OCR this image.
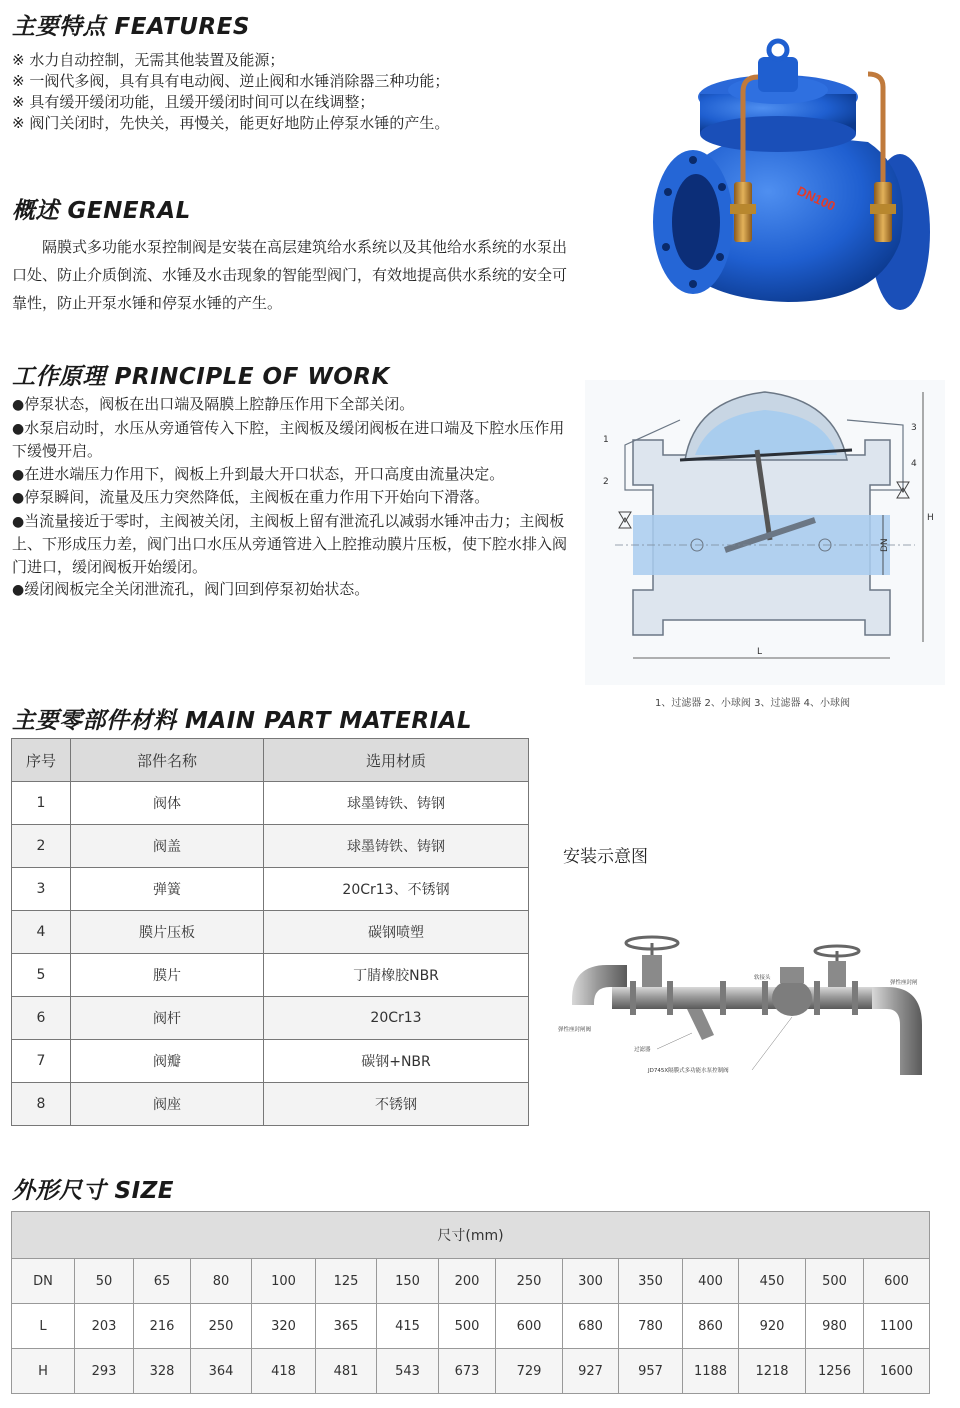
主要特点 FEATURES
※ 水力自动控制，无需其他装置及能源；
※ 一阀代多阀，具有具有电动阀、逆止阀和水锤消除器三种功能；
※ 具有缓开缓闭功能，且缓开缓闭时间可以在线调整；
※ 阀门关闭时，先快关，再慢关，能更好地防止停泵水锤的产生。
概述 GENERAL
隔膜式多功能水泵控制阀是安装在高层建筑给水系统以及其他给水系统的水泵出口处、防止介质倒流、水锤及水击现象的智能型阀门，有效地提高供水系统的安全可靠性，防止开泵水锤和停泵水锤的产生。
工作原理 PRINCIPLE OF WORK

●停泵状态，阀板在出口端及隔膜上腔静压作用下全部关闭。

●水泵启动时，水压从旁通管传入下腔，主阀板及缓闭阀板在进口端及下腔水压作用下缓慢开启。

●在进水端压力作用下，阀板上升到最大开口状态，开口高度由流量决定。

●停泵瞬间，流量及压力突然降低，主阀板在重力作用下开始向下滑落。

●当流量接近于零时，主阀被关闭，主阀板上留有泄流孔以减弱水锤冲击力；主阀板上、下形成压力差，阀门出口水压从旁通管进入上腔推动膜片压板，使下腔水排入阀门进口，缓闭阀板开始缓闭。

●缓闭阀板完全关闭泄流孔，阀门回到停泵初始状态。

DN100
1
2
3
4
H
DN
L
1、过滤器 2、小球阀 3、过滤器 4、小球阀
主要零部件材料 MAIN PART MATERIAL
序号	部件名称	选用材质
1	阀体	球墨铸铁、铸钢
2	阀盖	球墨铸铁、铸钢
3	弹簧	20Cr13、不锈钢
4	膜片压板	碳钢喷塑
5	膜片	丁腈橡胶NBR
6	阀杆	20Cr13
7	阀瓣	碳钢+NBR
8	阀座	不锈钢
安装示意图
软接头
弹性座封闸
弹性座封闸阀
过滤器
JD745X隔膜式多功能水泵控制阀
外形尺寸 SIZE
尺寸(mm)														
DN	50	65	80	100	125	150	200	250	300	350	400	450	500	600
L	203	216	250	320	365	415	500	600	680	780	860	920	980	1100
H	293	328	364	418	481	543	673	729	927	957	1188	1218	1256	1600
